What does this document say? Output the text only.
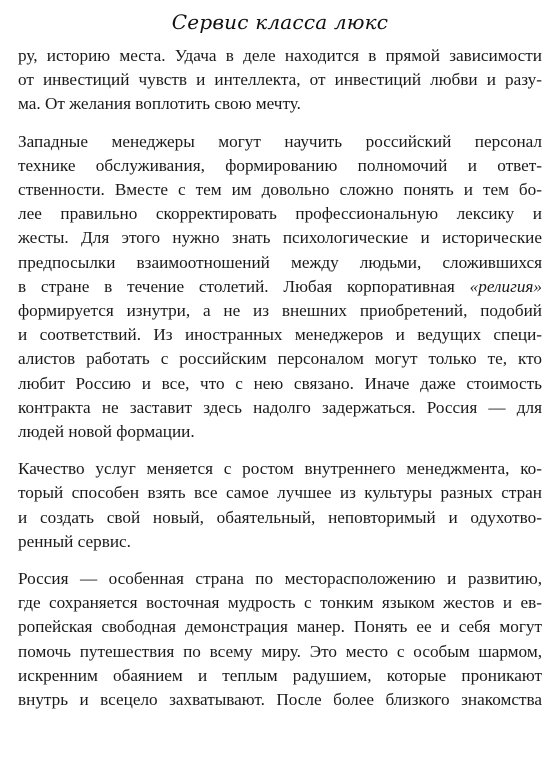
Сервис класса люкс

ру, историю места. Удача в деле находится в прямой зависимости
от инвестиций чувств и интеллекта, от инвестиций любви и разу-
ма. От желания воплотить свою мечту.

Западные менеджеры могут научить российский персонал
технике обслуживания, формированию полномочий и ответ-
ственности. Вместе с тем им довольно сложно понять и тем бо-
лее правильно скорректировать профессиональную лексику и
жесты. Для этого нужно знать психологические и исторические
предпосылки взаимоотношений между людьми, сложившихся
в стране в течение столетий. Любая корпоративная «религия»
формируется изнутри, а не из внешних приобретений, подобий
и соответствий. Из иностранных менеджеров и ведущих специ-
алистов работать с российским персоналом могут только те, кто
любит Россию и все, что с нею связано. Иначе даже стоимость
контракта не заставит здесь надолго задержаться. Россия — для
людей новой формации.

Качество услуг меняется с ростом внутреннего менеджмента, ко-
торый способен взять все самое лучшее из культуры разных стран
и создать свой новый, обаятельный, неповторимый и одухотво-
ренный сервис.

Россия — особенная страна по месторасположению и развитию,
где сохраняется восточная мудрость с тонким языком жестов и ев-
ропейская свободная демонстрация манер. Понять ее и себя могут
помочь путешествия по всему миру. Это место с особым шармом,
искренним обаянием и теплым радушием, которые проникают
внутрь и всецело захватывают. После более близкого знакомства
